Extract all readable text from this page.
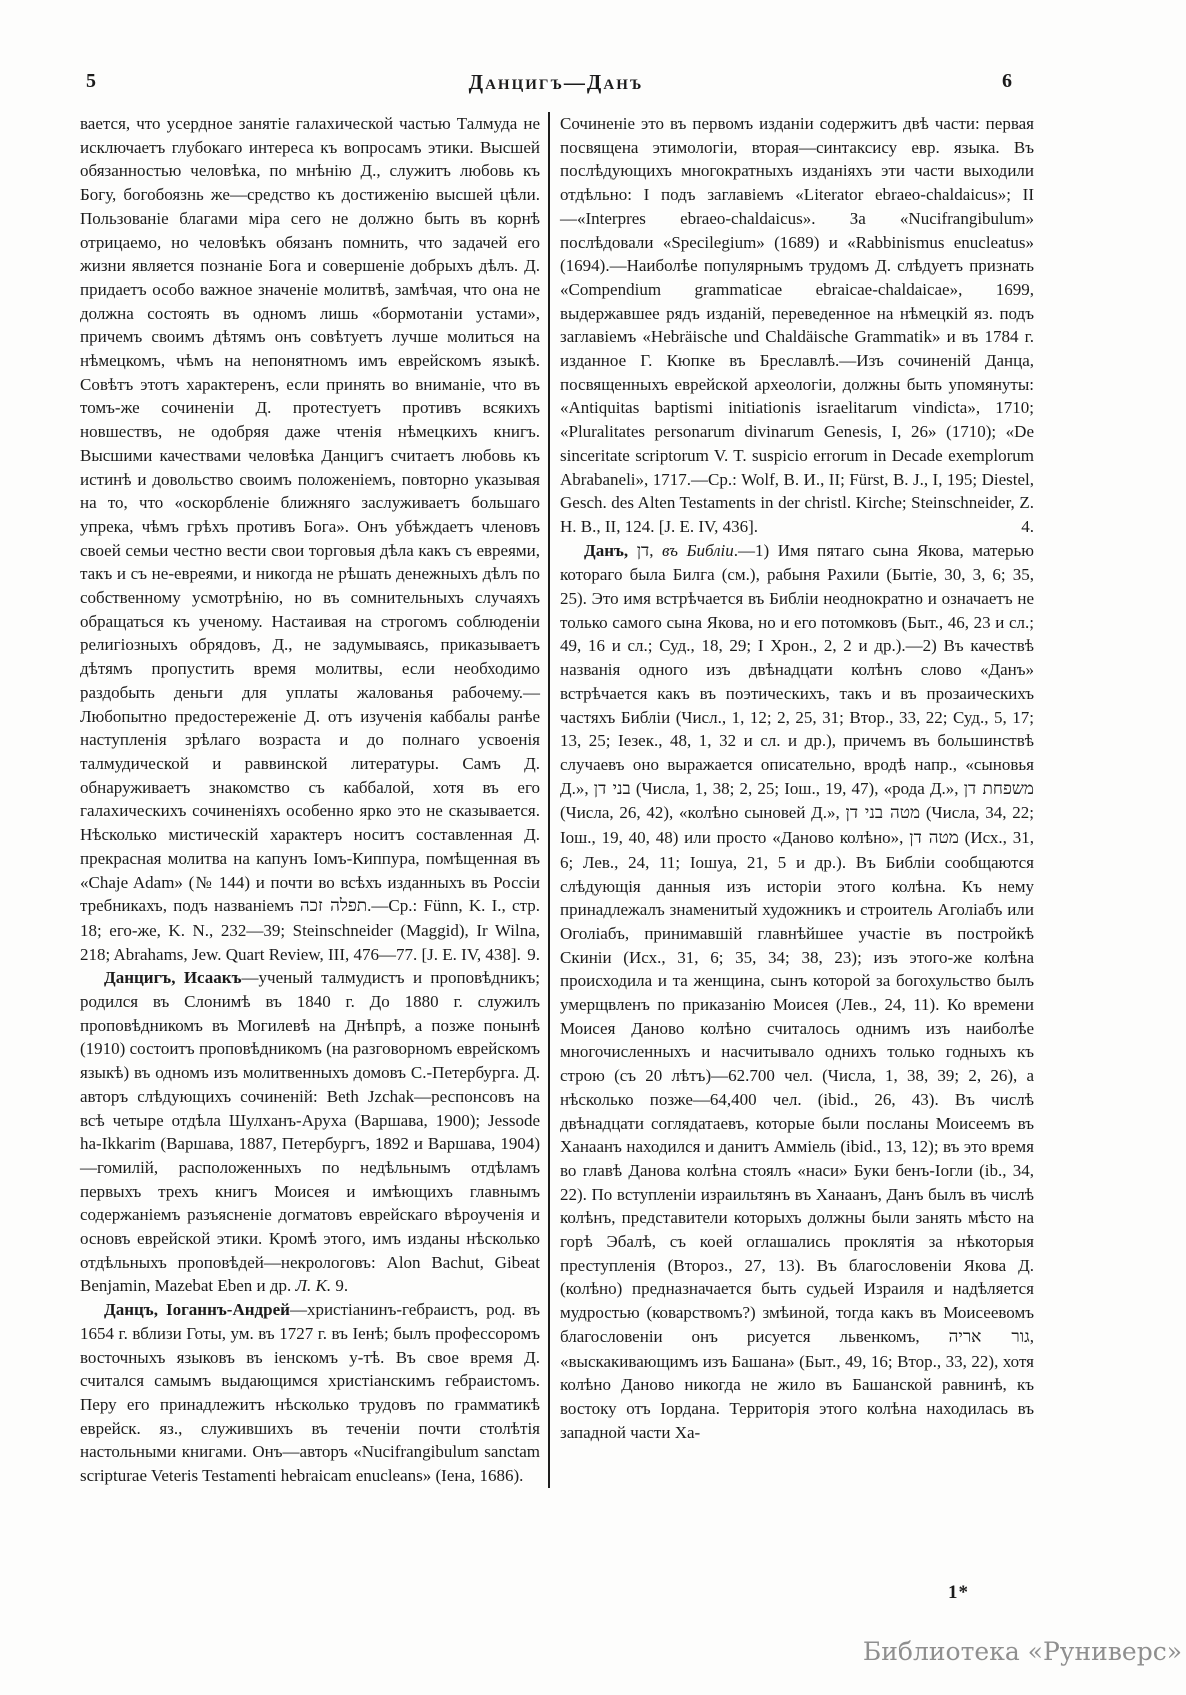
5	Данцигъ—Данъ	6

вается, что усердное занятіе галахической частью Талмуда не исключаетъ глубокаго интереса къ вопросамъ этики. Высшей обязанностью человѣка, по мнѣнію Д., служитъ любовь къ Богу, богобоязнь же—средство къ достиженію высшей цѣли. Пользованіе благами міра сего не должно быть въ корнѣ отрицаемо, но человѣкъ обязанъ помнить, что задачей его жизни является познаніе Бога и совершеніе добрыхъ дѣлъ. Д. придаетъ особо важное значеніе молитвѣ, замѣчая, что она не должна состоять въ одномъ лишь «бормотаніи устами», причемъ своимъ дѣтямъ онъ совѣтуетъ лучше молиться на нѣмецкомъ, чѣмъ на непонятномъ имъ еврейскомъ языкѣ. Совѣтъ этотъ характеренъ, если принять во вниманіе, что въ томъ-же сочиненіи Д. протестуетъ противъ всякихъ новшествъ, не одобряя даже чтенія нѣмецкихъ книгъ. Высшими качествами человѣка Данцигъ считаетъ любовь къ истинѣ и довольство своимъ положеніемъ, повторно указывая на то, что «оскорбленіе ближняго заслуживаетъ большаго упрека, чѣмъ грѣхъ противъ Бога». Онъ убѣждаетъ членовъ своей семьи честно вести свои торговыя дѣла какъ съ евреями, такъ и съ не-евреями, и никогда не рѣшать денежныхъ дѣлъ по собственному усмотрѣнію, но въ сомнительныхъ случаяхъ обращаться къ ученому. Настаивая на строгомъ соблюденіи религіозныхъ обрядовъ, Д., не задумываясь, приказываетъ дѣтямъ пропустить время молитвы, если необходимо раздобыть деньги для уплаты жалованья рабочему.—Любопытно предостереженіе Д. отъ изученія каббалы ранѣе наступленія зрѣлаго возраста и до полнаго усвоенія талмудической и раввинской литературы. Самъ Д. обнаруживаетъ знакомство съ каббалой, хотя въ его галахическихъ сочиненіяхъ особенно ярко это не сказывается. Нѣсколько мистическій характеръ носитъ составленная Д. прекрасная молитва на капунъ Іомъ-Киппура, помѣщенная въ «Chaje Adam» (№ 144) и почти во всѣхъ изданныхъ въ Россіи требникахъ, подъ названіемъ תפלה זכה.—Ср.: Fünn, K. I., стр. 18; его-же, K. N., 232—39; Steinschneider (Maggid), Ir Wilna, 218; Abrahams, Jew. Quart Review, III, 476—77. [J. E. IV, 438]. 9.

Данцигъ, Исаакъ—ученый талмудистъ и проповѣдникъ; родился въ Слонимѣ въ 1840 г. До 1880 г. служилъ проповѣдникомъ въ Могилевѣ на Днѣпрѣ, а позже понынѣ (1910) состоитъ проповѣдникомъ (на разговорномъ еврейскомъ языкѣ) въ одномъ изъ молитвенныхъ домовъ С.-Петербурга. Д. авторъ слѣдующихъ сочиненій: Beth Jzchak—респонсовъ на всѣ четыре отдѣла Шулханъ-Аруха (Варшава, 1900); Jessode ha-Ikkarim (Варшава, 1887, Петербургъ, 1892 и Варшава, 1904)—гомилій, расположенныхъ по недѣльнымъ отдѣламъ первыхъ трехъ книгъ Моисея и имѣющихъ главнымъ содержаніемъ разъясненіе догматовъ еврейскаго вѣроученія и основъ еврейской этики. Кромѣ этого, имъ изданы нѣсколько отдѣльныхъ проповѣдей—некрологовъ: Alon Bachut, Gibeat Benjamin, Mazebat Eben и др. Л. К. 9.

Данцъ, Іоганнъ-Андрей—христіанинъ-гебраистъ, род. въ 1654 г. вблизи Готы, ум. въ 1727 г. въ Іенѣ; былъ профессоромъ восточныхъ языковъ въ іенскомъ у-тѣ. Въ свое время Д. считался самымъ выдающимся христіанскимъ гебраистомъ. Перу его принадлежитъ нѣсколько трудовъ по грамматикѣ еврейск. яз., служившихъ въ теченіи почти столѣтія настольными книгами. Онъ—авторъ «Nucifrangibulum sanctam scripturae Veteris Testamenti hebraicam enucleans» (Іена, 1686).

Сочиненіе это въ первомъ изданіи содержитъ двѣ части: первая посвящена этимологіи, вторая—синтаксису евр. языка. Въ послѣдующихъ многократныхъ изданіяхъ эти части выходили отдѣльно: I подъ заглавіемъ «Literator ebraeo-chaldaicus»; II—«Interpres ebraeo-chaldaicus». За «Nucifrangibulum» послѣдовали «Specilegium» (1689) и «Rabbinismus enucleatus» (1694).—Наиболѣе популярнымъ трудомъ Д. слѣдуетъ признать «Compendium grammaticae ebraicae-chaldaicae», 1699, выдержавшее рядъ изданій, переведенное на нѣмецкій яз. подъ заглавіемъ «Hebräische und Chaldäische Grammatik» и въ 1784 г. изданное Г. Кюпке въ Бреславлѣ.—Изъ сочиненій Данца, посвященныхъ еврейской археологіи, должны быть упомянуты: «Antiquitas baptismi initiationis israelitarum vindicta», 1710; «Pluralitates personarum divinarum Genesis, I, 26» (1710); «De sinceritate scriptorum V. T. suspicio errorum in Decade exemplorum Abrabaneli», 1717.—Ср.: Wolf, B. И., II; Fürst, B. J., I, 195; Diestel, Gesch. des Alten Testaments in der christl. Kirche; Steinschneider, Z. H. B., II, 124. [J. E. IV, 436].	4.

Данъ, דן, въ Библіи.—1) Имя пятаго сына Якова, матерью котораго была Билга (см.), рабыня Рахили (Бытіе, 30, 3, 6; 35, 25). Это имя встрѣчается въ Библіи неоднократно и означаетъ не только самого сына Якова, но и его потомковъ (Быт., 46, 23 и сл.; 49, 16 и сл.; Суд., 18, 29; I Хрон., 2, 2 и др.).—2) Въ качествѣ названія одного изъ двѣнадцати колѣнъ слово «Данъ» встрѣчается какъ въ поэтическихъ, такъ и въ прозаическихъ частяхъ Библіи (Числ., 1, 12; 2, 25, 31; Втор., 33, 22; Суд., 5, 17; 13, 25; Іезек., 48, 1, 32 и сл. и др.), причемъ въ большинствѣ случаевъ оно выражается описательно, вродѣ напр., «сыновья Д.», בני דן (Числа, 1, 38; 2, 25; Іош., 19, 47), «рода Д.», משפחת דן (Числа, 26, 42), «колѣно сыновей Д.», מטה בני דן (Числа, 34, 22; Іош., 19, 40, 48) или просто «Даново колѣно», מטה דן (Исх., 31, 6; Лев., 24, 11; Іошуа, 21, 5 и др.). Въ Библіи сообщаются слѣдующія данныя изъ исторіи этого колѣна. Къ нему принадлежалъ знаменитый художникъ и строитель Аголіабъ или Оголіабъ, принимавшій главнѣйшее участіе въ постройкѣ Скиніи (Исх., 31, 6; 35, 34; 38, 23); изъ этого-же колѣна происходила и та женщина, сынъ которой за богохульство былъ умерщвленъ по приказанію Моисея (Лев., 24, 11). Ко времени Моисея Даново колѣно считалось однимъ изъ наиболѣе многочисленныхъ и насчитывало однихъ только годныхъ къ строю (съ 20 лѣтъ)—62.700 чел. (Числа, 1, 38, 39; 2, 26), а нѣсколько позже—64,400 чел. (ibid., 26, 43). Въ числѣ двѣнадцати соглядатаевъ, которые были посланы Моисеемъ въ Ханаанъ находился и данитъ Амміель (ibid., 13, 12); въ это время во главѣ Данова колѣна стоялъ «наси» Буки бенъ-Іогли (ib., 34, 22). По вступленіи израильтянъ въ Ханаанъ, Данъ былъ въ числѣ колѣнъ, представители которыхъ должны были занять мѣсто на горѣ Эбалѣ, съ коей оглашались проклятія за нѣкоторыя преступленія (Второз., 27, 13). Въ благословеніи Якова Д. (колѣно) предназначается быть судьей Израиля и надѣляется мудростью (коварствомъ?) змѣиной, тогда какъ въ Моисеевомъ благословеніи онъ рисуется львенкомъ, גור אריה, «выскакивающимъ изъ Башана» (Быт., 49, 16; Втор., 33, 22), хотя колѣно Даново никогда не жило въ Башанской равнинѣ, къ востоку отъ Іордана. Территорія этого колѣна находилась въ западной части Ха-

1*
Библиотека «Руниверс»
